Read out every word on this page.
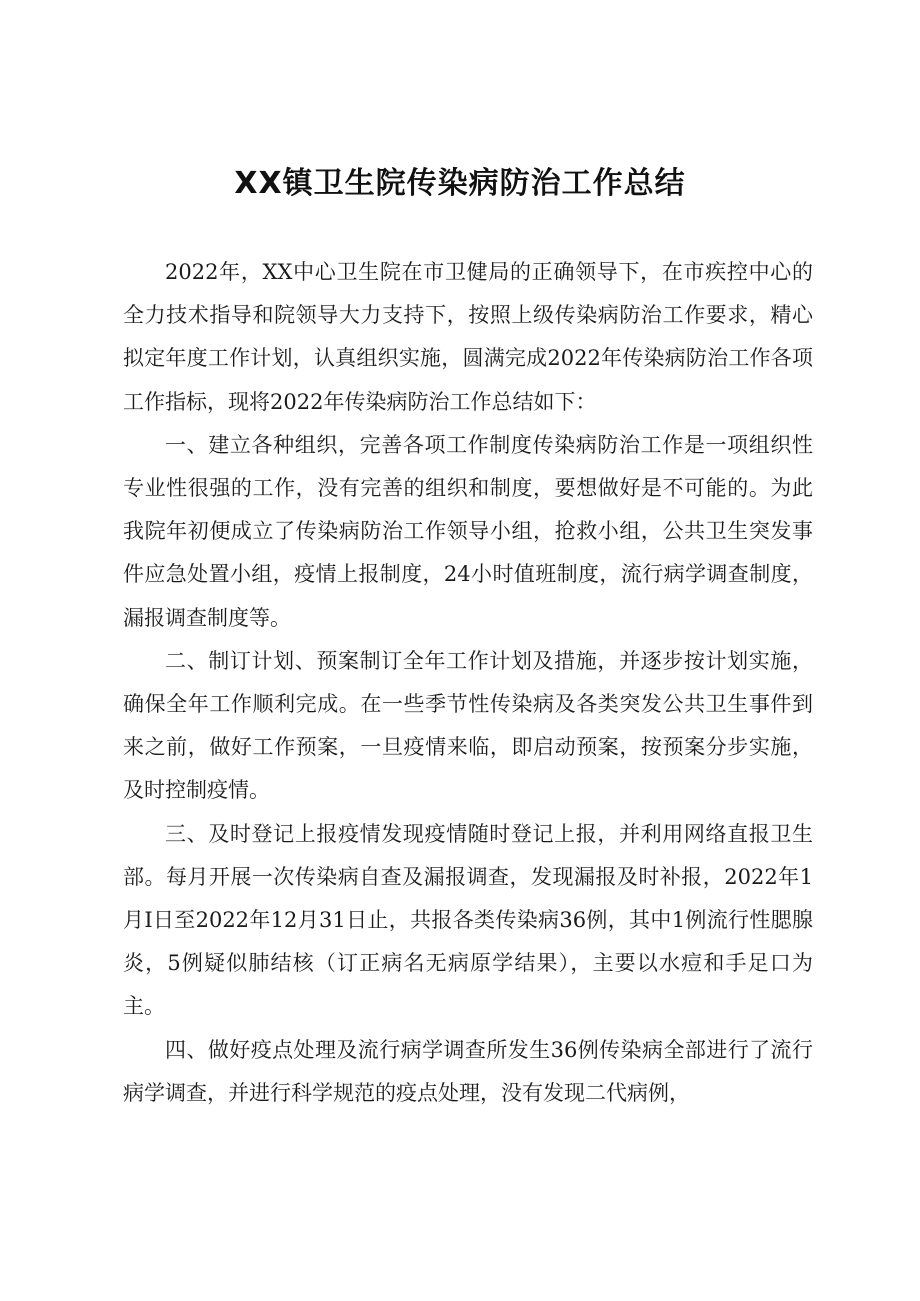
XX镇卫生院传染病防治工作总结

2022年，XX中心卫生院在市卫健局的正确领导下，在市疾控中心的全力技术指导和院领导大力支持下，按照上级传染病防治工作要求，精心拟定年度工作计划，认真组织实施，圆满完成2022年传染病防治工作各项工作指标，现将2022年传染病防治工作总结如下：

一、建立各种组织，完善各项工作制度传染病防治工作是一项组织性专业性很强的工作，没有完善的组织和制度，要想做好是不可能的。为此我院年初便成立了传染病防治工作领导小组，抢救小组，公共卫生突发事件应急处置小组，疫情上报制度，24小时值班制度，流行病学调查制度，漏报调查制度等。

二、制订计划、预案制订全年工作计划及措施，并逐步按计划实施，确保全年工作顺利完成。在一些季节性传染病及各类突发公共卫生事件到来之前，做好工作预案，一旦疫情来临，即启动预案，按预案分步实施，及时控制疫情。

三、及时登记上报疫情发现疫情随时登记上报，并利用网络直报卫生部。每月开展一次传染病自查及漏报调查，发现漏报及时补报，2022年1月I日至2022年12月31日止，共报各类传染病36例，其中1例流行性腮腺炎，5例疑似肺结核（订正病名无病原学结果），主要以水痘和手足口为主。

四、做好疫点处理及流行病学调查所发生36例传染病全部进行了流行病学调查，并进行科学规范的疫点处理，没有发现二代病例，
